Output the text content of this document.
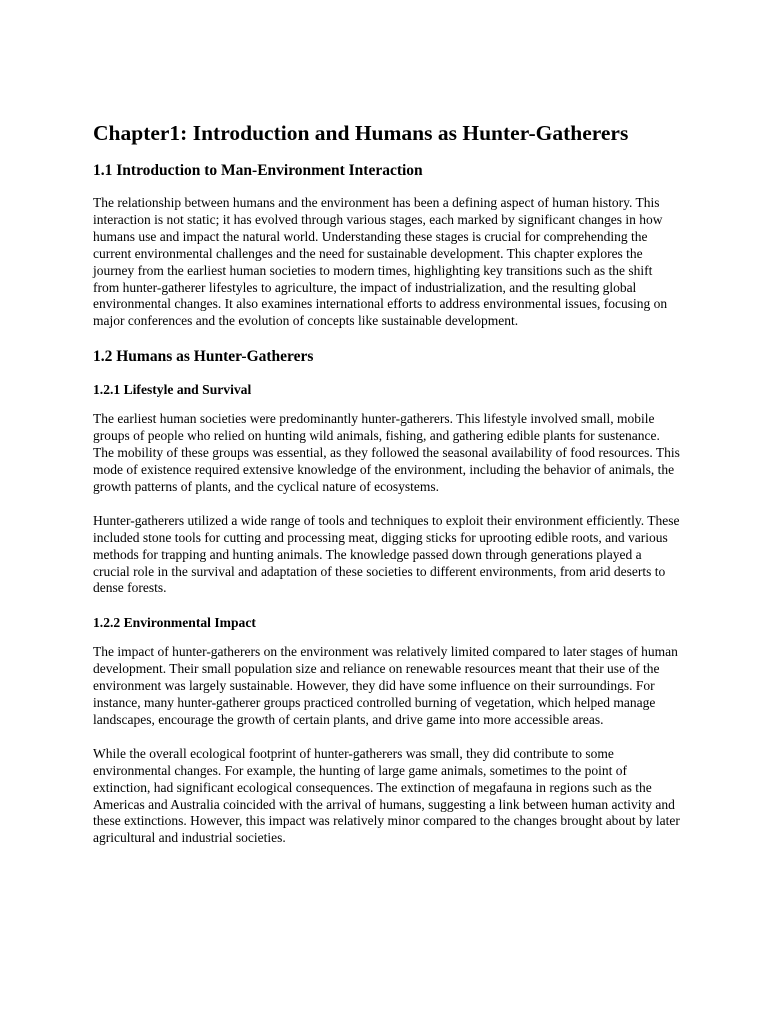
Chapter1: Introduction and Humans as Hunter-Gatherers
1.1 Introduction to Man-Environment Interaction

The relationship between humans and the environment has been a defining aspect of human history. This interaction is not static; it has evolved through various stages, each marked by significant changes in how humans use and impact the natural world. Understanding these stages is crucial for comprehending the current environmental challenges and the need for sustainable development. This chapter explores the journey from the earliest human societies to modern times, highlighting key transitions such as the shift from hunter-gatherer lifestyles to agriculture, the impact of industrialization, and the resulting global environmental changes. It also examines international efforts to address environmental issues, focusing on major conferences and the evolution of concepts like sustainable development.

1.2 Humans as Hunter-Gatherers
1.2.1 Lifestyle and Survival

The earliest human societies were predominantly hunter-gatherers. This lifestyle involved small, mobile groups of people who relied on hunting wild animals, fishing, and gathering edible plants for sustenance. The mobility of these groups was essential, as they followed the seasonal availability of food resources. This mode of existence required extensive knowledge of the environment, including the behavior of animals, the growth patterns of plants, and the cyclical nature of ecosystems.

Hunter-gatherers utilized a wide range of tools and techniques to exploit their environment efficiently. These included stone tools for cutting and processing meat, digging sticks for uprooting edible roots, and various methods for trapping and hunting animals. The knowledge passed down through generations played a crucial role in the survival and adaptation of these societies to different environments, from arid deserts to dense forests.

1.2.2 Environmental Impact

The impact of hunter-gatherers on the environment was relatively limited compared to later stages of human development. Their small population size and reliance on renewable resources meant that their use of the environment was largely sustainable. However, they did have some influence on their surroundings. For instance, many hunter-gatherer groups practiced controlled burning of vegetation, which helped manage landscapes, encourage the growth of certain plants, and drive game into more accessible areas.

While the overall ecological footprint of hunter-gatherers was small, they did contribute to some environmental changes. For example, the hunting of large game animals, sometimes to the point of extinction, had significant ecological consequences. The extinction of megafauna in regions such as the Americas and Australia coincided with the arrival of humans, suggesting a link between human activity and these extinctions. However, this impact was relatively minor compared to the changes brought about by later agricultural and industrial societies.
